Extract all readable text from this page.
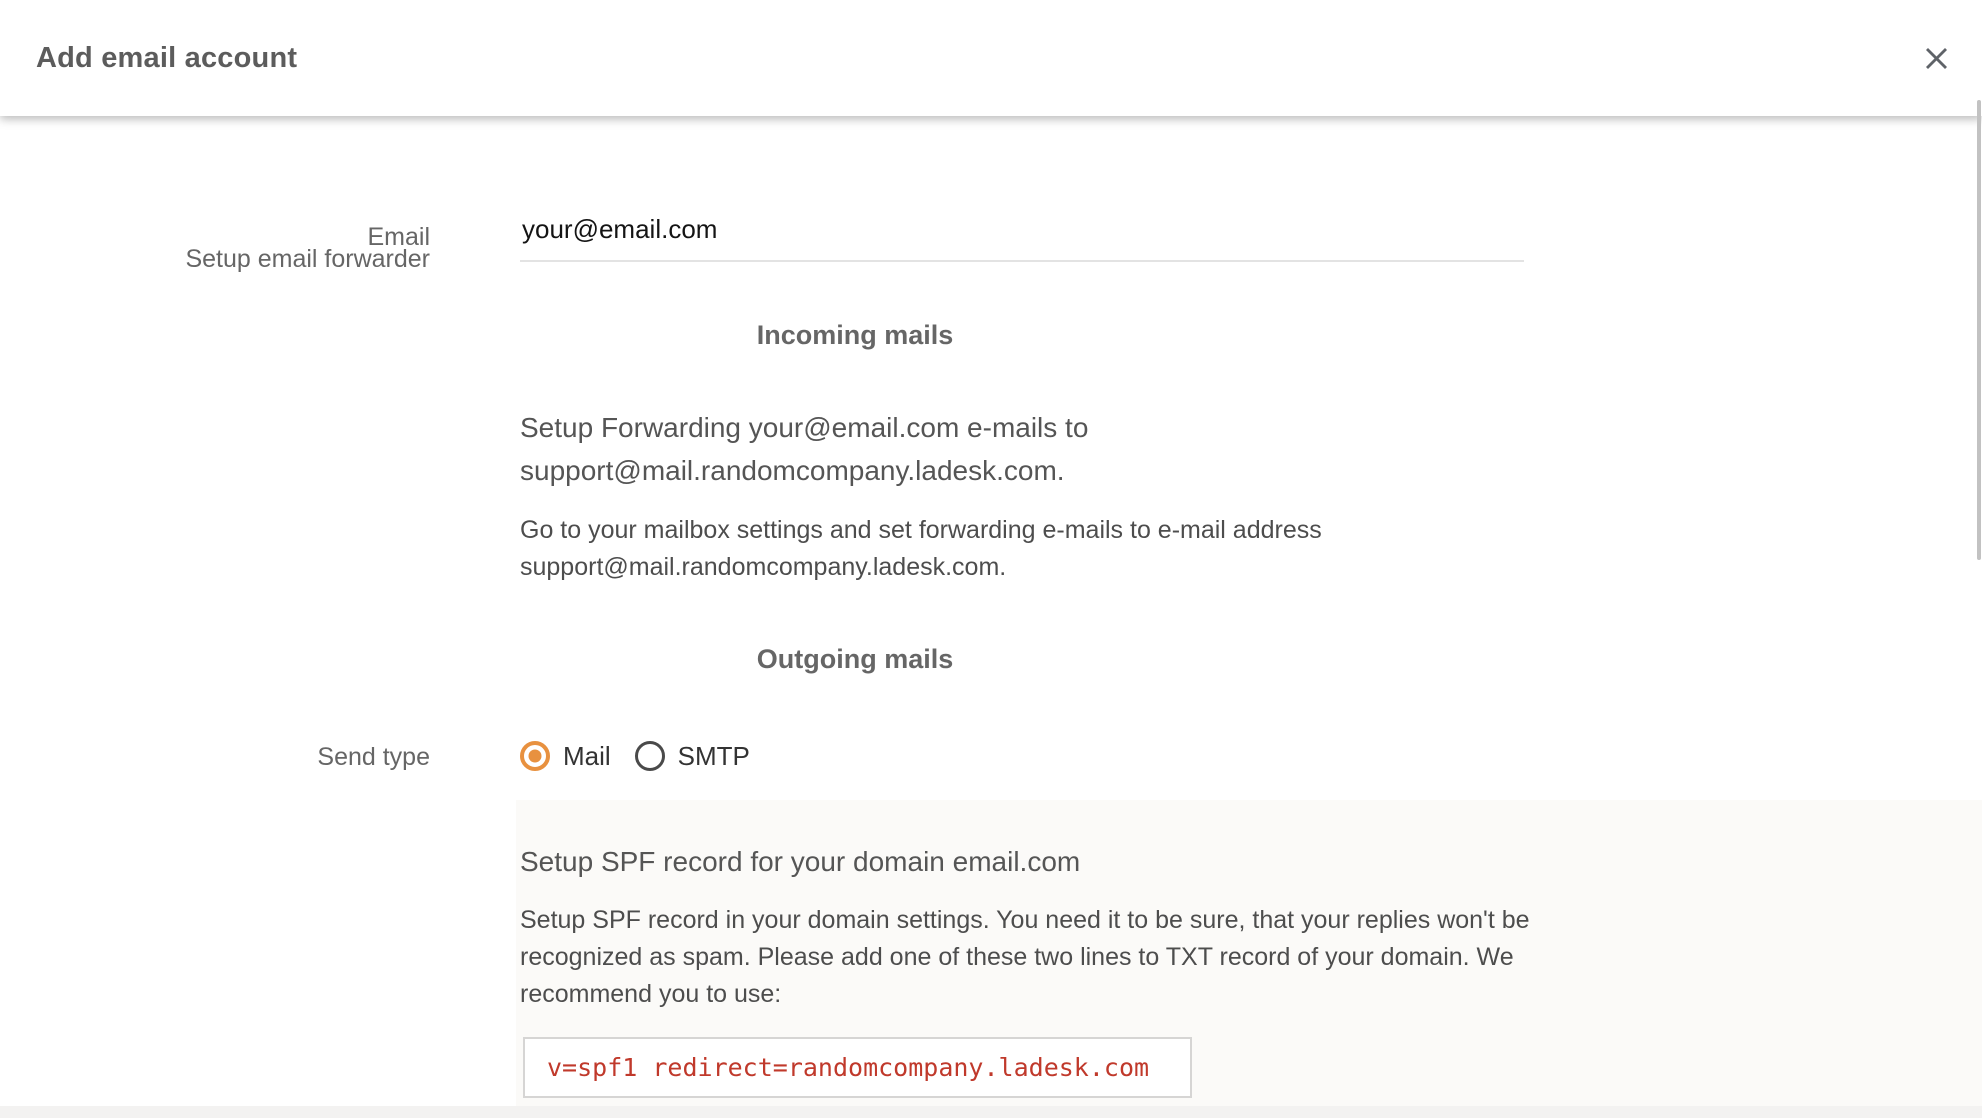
Add email account
Setup email forwarder
Email
your@email.com
Incoming mails
Setup Forwarding your@email.com e-mails to
support@mail.randomcompany.ladesk.com.
Go to your mailbox settings and set forwarding e-mails to e-mail address
support@mail.randomcompany.ladesk.com.
Outgoing mails
Send type	Mail	SMTP
Setup SPF record for your domain email.com
Setup SPF record in your domain settings. You need it to be sure, that your replies won't be
recognized as spam. Please add one of these two lines to TXT record of your domain. We
recommend you to use:
v=spf1 redirect=randomcompany.ladesk.com
